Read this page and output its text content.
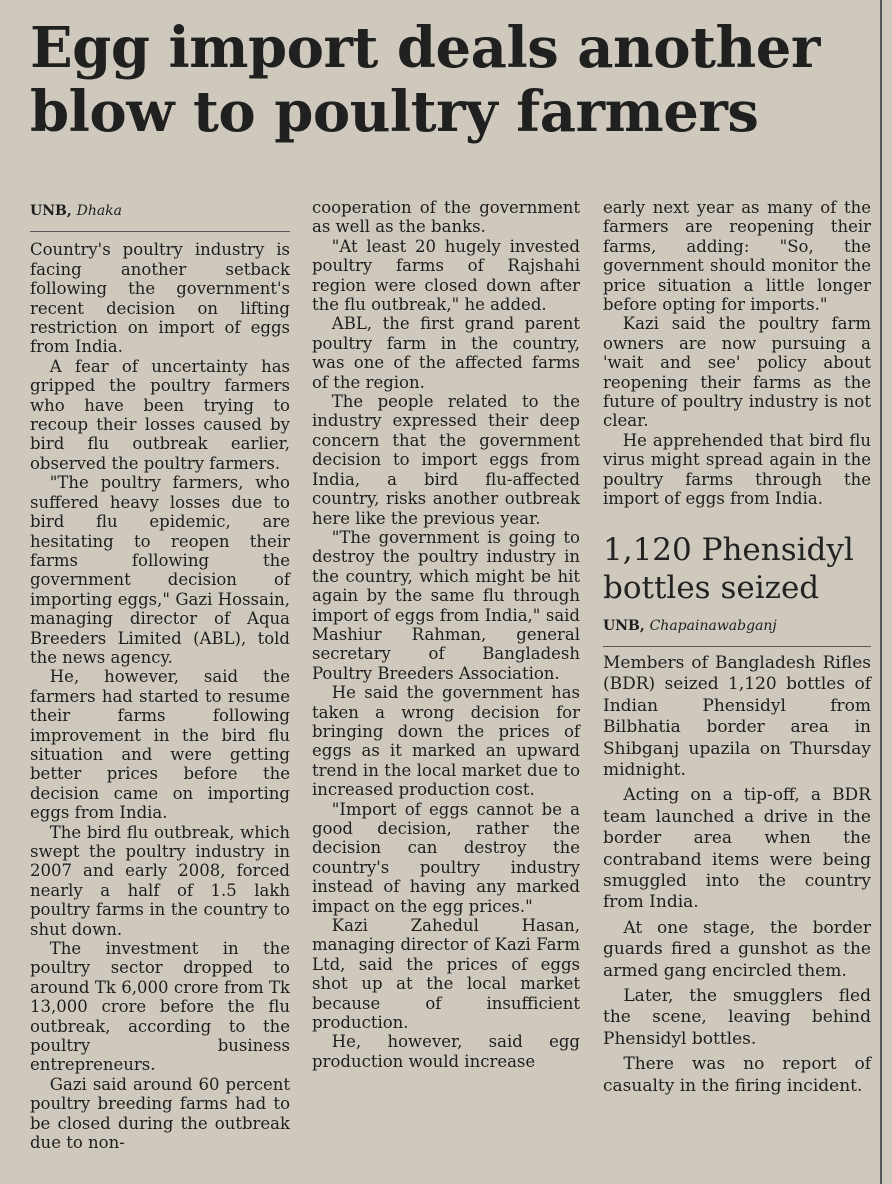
Egg import deals another blow to poultry farmers
UNB, Dhaka

Country's poultry industry is facing another setback following the government's recent decision on lifting restriction on import of eggs from India.

A fear of uncertainty has gripped the poultry farmers who have been trying to recoup their losses caused by bird flu outbreak earlier, observed the poultry farmers.

"The poultry farmers, who suffered heavy losses due to bird flu epidemic, are hesitating to reopen their farms following the government decision of importing eggs," Gazi Hossain, managing director of Aqua Breeders Limited (ABL), told the news agency.

He, however, said the farmers had started to resume their farms following improvement in the bird flu situation and were getting better prices before the decision came on importing eggs from India.

The bird flu outbreak, which swept the poultry industry in 2007 and early 2008, forced nearly a half of 1.5 lakh poultry farms in the country to shut down.

The investment in the poultry sector dropped to around Tk 6,000 crore from Tk 13,000 crore before the flu outbreak, according to the poultry business entrepreneurs.

Gazi said around 60 percent poultry breeding farms had to be closed during the outbreak due to non-

cooperation of the government as well as the banks.

"At least 20 hugely invested poultry farms of Rajshahi region were closed down after the flu outbreak," he added.

ABL, the first grand parent poultry farm in the country, was one of the affected farms of the region.

The people related to the industry expressed their deep concern that the government decision to import eggs from India, a bird flu-affected country, risks another outbreak here like the previous year.

"The government is going to destroy the poultry industry in the country, which might be hit again by the same flu through import of eggs from India," said Mashiur Rahman, general secretary of Bangladesh Poultry Breeders Association.

He said the government has taken a wrong decision for bringing down the prices of eggs as it marked an upward trend in the local market due to increased production cost.

"Import of eggs cannot be a good decision, rather the decision can destroy the country's poultry industry instead of having any marked impact on the egg prices."

Kazi Zahedul Hasan, managing director of Kazi Farm Ltd, said the prices of eggs shot up at the local market because of insufficient production.

He, however, said egg production would increase

early next year as many of the farmers are reopening their farms, adding: "So, the government should monitor the price situation a little longer before opting for imports."

Kazi said the poultry farm owners are now pursuing a 'wait and see' policy about reopening their farms as the future of poultry industry is not clear.

He apprehended that bird flu virus might spread again in the poultry farms through the import of eggs from India.

1,120 Phensidyl bottles seized
UNB, Chapainawabganj

Members of Bangladesh Rifles (BDR) seized 1,120 bottles of Indian Phensidyl from Bilbhatia border area in Shibganj upazila on Thursday midnight.

Acting on a tip-off, a BDR team launched a drive in the border area when the contraband items were being smuggled into the country from India.

At one stage, the border guards fired a gunshot as the armed gang encircled them.

Later, the smugglers fled the scene, leaving behind Phensidyl bottles.

There was no report of casualty in the firing incident.
